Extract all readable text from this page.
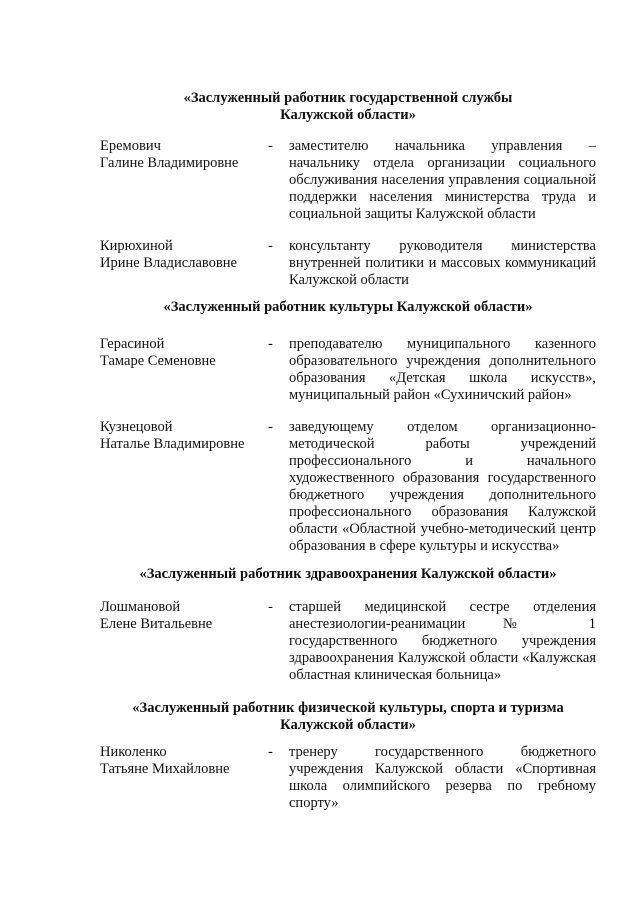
«Заслуженный работник государственной службы
Калужской области»

Еремович
Галине Владимировне
- заместителю начальника управления – начальнику отдела организации социального обслуживания населения управления социальной поддержки населения министерства труда и социальной защиты Калужской области
Кирюхиной
Ирине Владиславовне
- консультанту руководителя министерства внутренней политики и массовых коммуникаций Калужской области

«Заслуженный работник культуры Калужской области»

Герасиной
Тамаре Семеновне
- преподавателю муниципального казенного образовательного учреждения дополнительного образования «Детская школа искусств», муниципальный район «Сухиничский район»
Кузнецовой
Наталье Владимировне
- заведующему отделом организационно-методической работы учреждений профессионального и начального художественного образования государственного бюджетного учреждения дополнительного профессионального образования Калужской области «Областной учебно-методический центр образования в сфере культуры и искусства»

«Заслуженный работник здравоохранения Калужской области»

Лошмановой
Елене Витальевне
- старшей медицинской сестре отделения анестезиологии-реанимации № 1 государственного бюджетного учреждения здравоохранения Калужской области «Калужская областная клиническая больница»

«Заслуженный работник физической культуры, спорта и туризма
Калужской области»

Николенко
Татьяне Михайловне
- тренеру государственного бюджетного учреждения Калужской области «Спортивная школа олимпийского резерва по гребному спорту»
